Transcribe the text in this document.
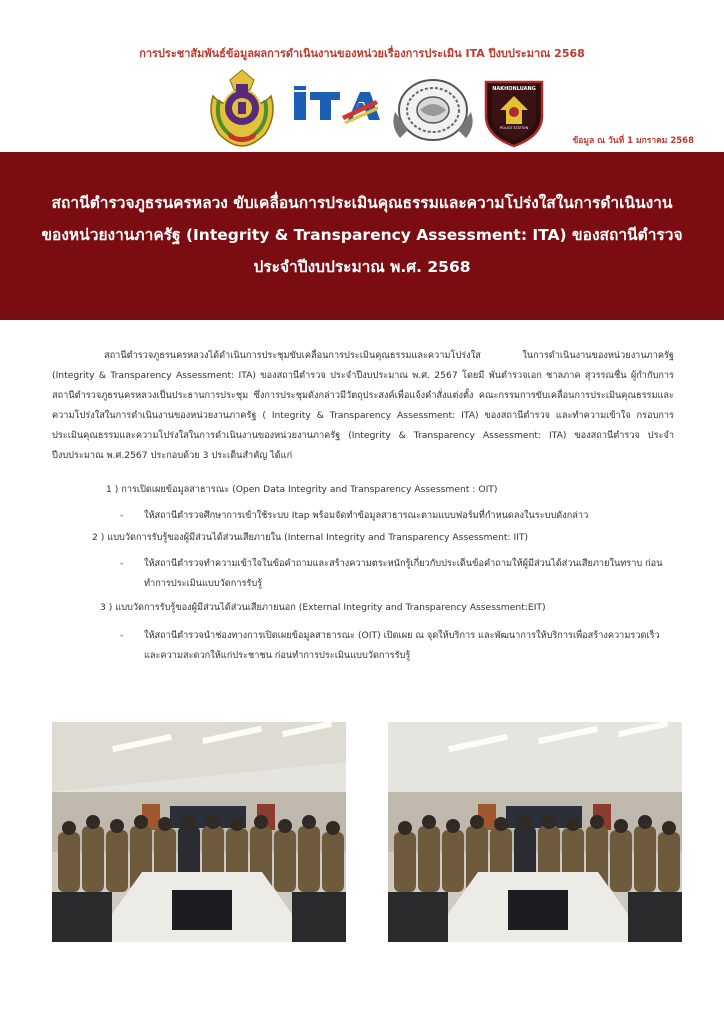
การประชาสัมพันธ์ข้อมูลผลการดำเนินงานของหน่วยเรื่องการประเมิน ITA ปีงบประมาณ 2568
NAKHONLUANG
POLICE STATION
ข้อมูล ณ วันที่ 1 มกราคม 2568
สถานีตำรวจภูธรนครหลวง ขับเคลื่อนการประเมินคุณธรรมและความโปร่งใสในการดำเนินงาน
ของหน่วยงานภาครัฐ (Integrity & Transparency Assessment: ITA) ของสถานีตำรวจ
ประจำปีงบประมาณ พ.ศ. 2568
สถานีตำรวจภูธรนครหลวงได้ดำเนินการประชุมขับเคลื่อนการประเมินคุณธรรมและความโปร่งใส ในการดำเนินงานของหน่วยงานภาครัฐ (Integrity & Transparency Assessment: ITA) ของสถานีตำรวจ ประจำปีงบประมาณ พ.ศ. 2567 โดยมี พันตำรวจเอก ชาลภาค สุวรรณชื่น ผู้กำกับการสถานีตำรวจภูธรนครหลวงเป็นประธานการประชุม ซึ่งการประชุมดังกล่าวมีวัตถุประสงค์เพื่อแจ้งคำสั่งแต่งตั้ง คณะกรรมการขับเคลื่อนการประเมินคุณธรรมและความโปร่งใสในการดำเนินงานของหน่วยงานภาครัฐ ( Integrity & Transparency Assessment: ITA) ของสถานีตำรวจ และทำความเข้าใจ กรอบการประเมินคุณธรรมและความโปร่งใสในการดำเนินงานของหน่วยงานภาครัฐ (Integrity & Transparency Assessment: ITA) ของสถานีตำรวจ ประจำปีงบประมาณ พ.ศ.2567 ประกอบด้วย 3 ประเด็นสำคัญ ได้แก่
1 ) การเปิดเผยข้อมูลสาธารณะ (Open Data Integrity and Transparency Assessment : OIT)
- ให้สถานีตำรวจศึกษาการเข้าใช้ระบบ Itap พร้อมจัดทำข้อมูลสาธารณะตามแบบฟอร์มที่กำหนดลงในระบบดังกล่าว
2 ) แบบวัดการรับรู้ของผู้มีส่วนได้ส่วนเสียภายใน (Internal Integrity and Transparency Assessment: IIT)
- ให้สถานีตำรวจทำความเข้าใจในข้อคำถามและสร้างความตระหนักรู้เกี่ยวกับประเด็นข้อคำถามให้ผู้มีส่วนได้ส่วนเสียภายในทราบ ก่อนทำการประเมินแบบวัดการรับรู้
3 ) แบบวัดการรับรู้ของผู้มีส่วนได้ส่วนเสียภายนอก (External Integrity and Transparency Assessment:EIT)
- ให้สถานีตำรวจนำช่องทางการเปิดเผยข้อมูลสาธารณะ (OIT) เปิดเผย ณ จุดให้บริการ และพัฒนาการให้บริการเพื่อสร้างความรวดเร็วและความสะดวกให้แก่ประชาชน ก่อนทำการประเมินแบบวัดการรับรู้
